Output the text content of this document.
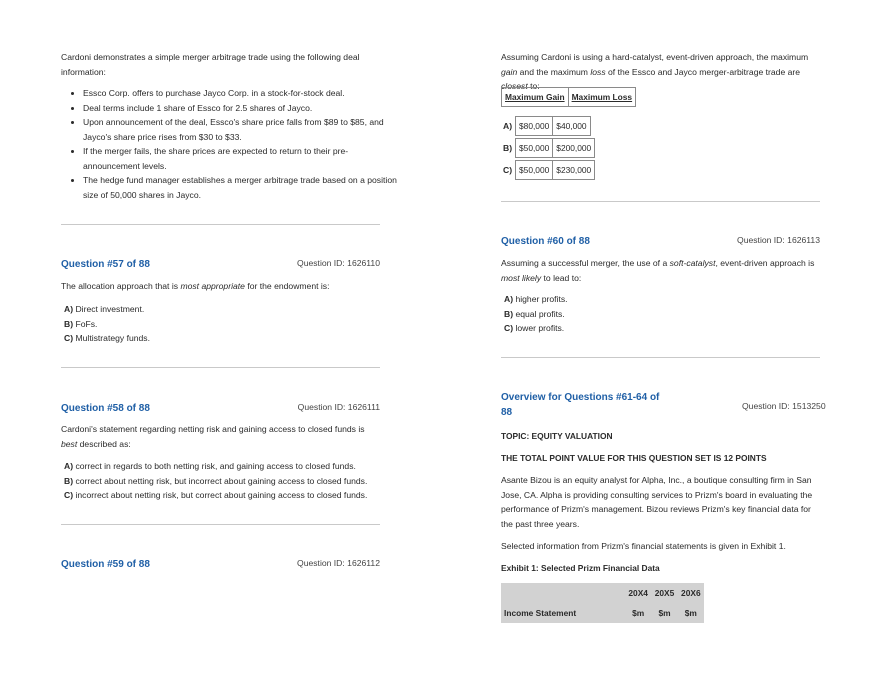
Cardoni demonstrates a simple merger arbitrage trade using the following deal information:

• Essco Corp. offers to purchase Jayco Corp. in a stock-for-stock deal.
• Deal terms include 1 share of Essco for 2.5 shares of Jayco.
• Upon announcement of the deal, Essco's share price falls from $89 to $85, and Jayco's share price rises from $30 to $33.
• If the merger fails, the share prices are expected to return to their pre-announcement levels.
• The hedge fund manager establishes a merger arbitrage trade based on a position size of 50,000 shares in Jayco.
Question #57 of 88	Question ID: 1626110

The allocation approach that is most appropriate for the endowment is:

A) Direct investment.

B) FoFs.

C) Multistrategy funds.

Question #58 of 88	Question ID: 1626111

Cardoni's statement regarding netting risk and gaining access to closed funds is best described as:

A) correct in regards to both netting risk, and gaining access to closed funds.

B) correct about netting risk, but incorrect about gaining access to closed funds.

C) incorrect about netting risk, but correct about gaining access to closed funds.

Question #59 of 88	Question ID: 1626112

Assuming Cardoni is using a hard-catalyst, event-driven approach, the maximum gain and the maximum loss of the Essco and Jayco merger-arbitrage trade are closest to:

Maximum Gain	Maximum Loss
A) $80,000	$40,000
B) $50,000	$200,000
C) $50,000	$230,000
Question #60 of 88	Question ID: 1626113

Assuming a successful merger, the use of a soft-catalyst, event-driven approach is most likely to lead to:

A) higher profits.

B) equal profits.

C) lower profits.

Overview for Questions #61-64 of 88
Question ID: 1513250

TOPIC: EQUITY VALUATION

THE TOTAL POINT VALUE FOR THIS QUESTION SET IS 12 POINTS

Asante Bizou is an equity analyst for Alpha, Inc., a boutique consulting firm in San Jose, CA. Alpha is providing consulting services to Prizm's board in evaluating the performance of Prizm's management. Bizou reviews Prizm's key financial data for the past three years.

Selected information from Prizm's financial statements is given in Exhibit 1.

Exhibit 1: Selected Prizm Financial Data

	20X4	20X5	20X6
Income Statement	$m	$m	$m
